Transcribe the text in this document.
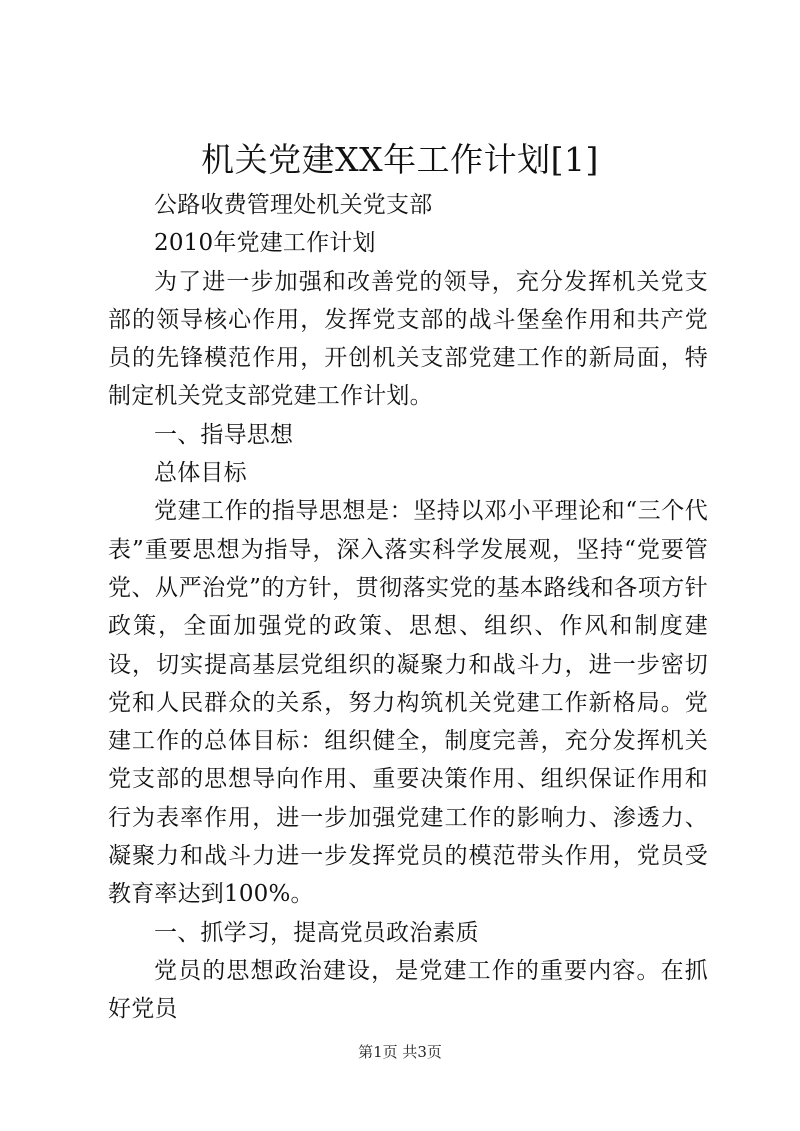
机关党建XX年工作计划[1]

公路收费管理处机关党支部

2010年党建工作计划

为了进一步加强和改善党的领导，充分发挥机关党支部的领导核心作用，发挥党支部的战斗堡垒作用和共产党员的先锋模范作用，开创机关支部党建工作的新局面，特制定机关党支部党建工作计划。

一、指导思想

总体目标

党建工作的指导思想是：坚持以邓小平理论和“三个代表”重要思想为指导，深入落实科学发展观，坚持“党要管党、从严治党”的方针，贯彻落实党的基本路线和各项方针政策，全面加强党的政策、思想、组织、作风和制度建设，切实提高基层党组织的凝聚力和战斗力，进一步密切党和人民群众的关系，努力构筑机关党建工作新格局。党建工作的总体目标：组织健全，制度完善，充分发挥机关党支部的思想导向作用、重要决策作用、组织保证作用和行为表率作用，进一步加强党建工作的影响力、渗透力、凝聚力和战斗力进一步发挥党员的模范带头作用，党员受教育率达到100%。

一、抓学习，提高党员政治素质

党员的思想政治建设，是党建工作的重要内容。在抓好党员

第1页 共3页
